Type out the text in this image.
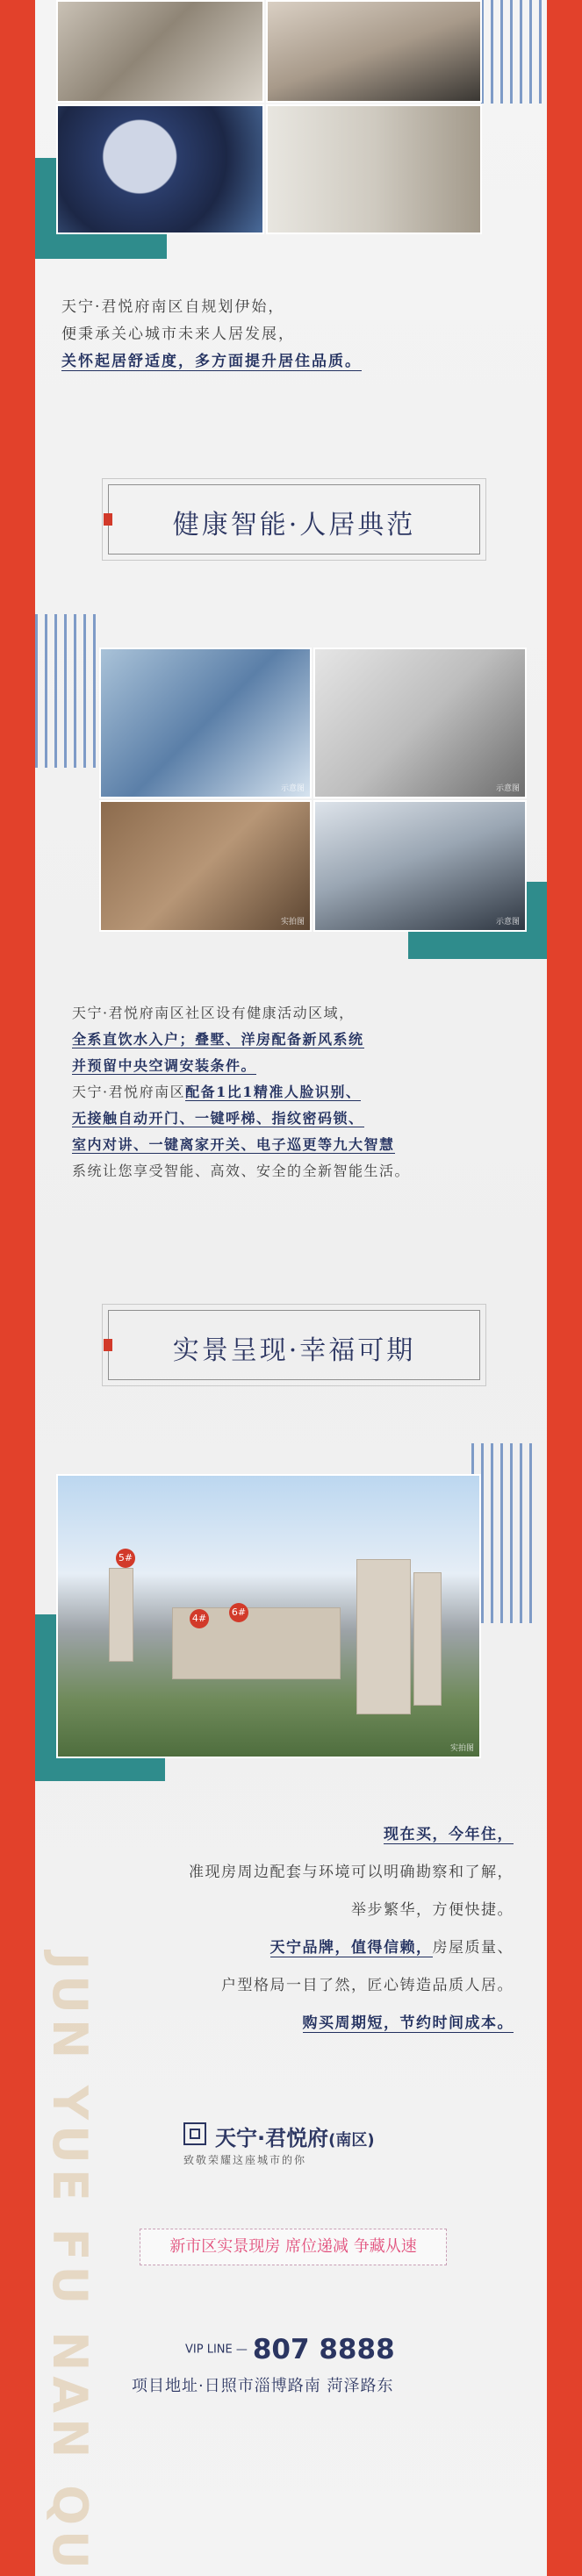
天宁·君悦府南区自规划伊始，
便秉承关心城市未来人居发展，
关怀起居舒适度，多方面提升居住品质。
健康智能·人居典范
示意图	示意图
实拍图	示意图
天宁·君悦府南区社区设有健康活动区域，
全系直饮水入户；叠墅、洋房配备新风系统
并预留中央空调安装条件。
天宁·君悦府南区配备1比1精准人脸识别、
无接触自动开门、一键呼梯、指纹密码锁、
室内对讲、一键离家开关、电子巡更等九大智慧
系统让您享受智能、高效、安全的全新智能生活。
实景呈现·幸福可期
5#
4#
6#
实拍图
JUN YUE FU NAN QU
现在买，今年住，
准现房周边配套与环境可以明确勘察和了解，
举步繁华，方便快捷。
天宁品牌，值得信赖，房屋质量、
户型格局一目了然，匠心铸造品质人居。
购买周期短，节约时间成本。
天宁·君悦府(南区)
致敬荣耀这座城市的你
新市区实景现房 席位递减 争藏从速
VIP LINE — 807 8888
项目地址·日照市淄博路南 菏泽路东
